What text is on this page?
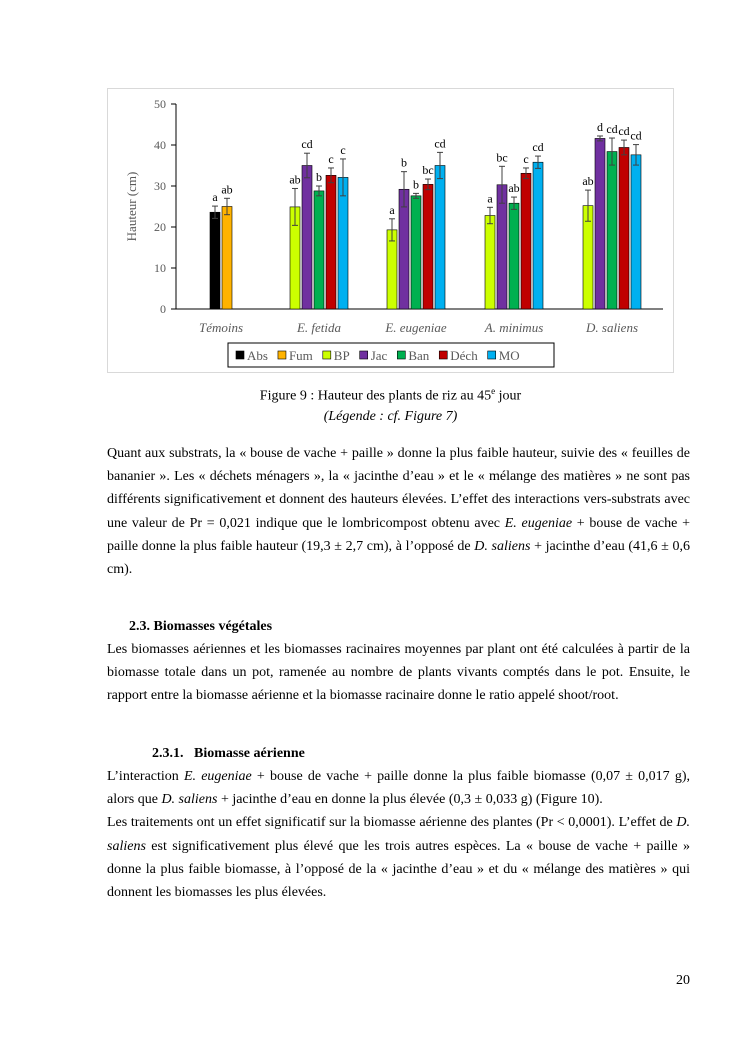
0
10
20
30
40
50
Hauteur (cm)
Témoins
a
ab
E. fetida
ab
cd
b
c
c
E. eugeniae
a
b
b
bc
cd
A. minimus
a
bc
ab
c
cd
D. saliens
ab
d cd cd cd
Abs Fum BP Jac Ban Déch MO
Figure 9 : Hauteur des plants de riz au 45e jour
(Légende : cf. Figure 7)

Quant aux substrats, la « bouse de vache + paille » donne la plus faible hauteur, suivie des « feuilles de bananier ». Les « déchets ménagers », la « jacinthe d’eau » et le « mélange des matières » ne sont pas différents significativement et donnent des hauteurs élevées. L’effet des interactions vers-substrats avec une valeur de Pr = 0,021 indique que le lombricompost obtenu avec E. eugeniae + bouse de vache + paille donne la plus faible hauteur (19,3 ± 2,7 cm), à l’opposé de D. saliens + jacinthe d’eau (41,6 ± 0,6 cm).

2.3. Biomasses végétales

Les biomasses aériennes et les biomasses racinaires moyennes par plant ont été calculées à partir de la biomasse totale dans un pot, ramenée au nombre de plants vivants comptés dans le pot. Ensuite, le rapport entre la biomasse aérienne et la biomasse racinaire donne le ratio appelé shoot/root.

2.3.1.   Biomasse aérienne

L’interaction E. eugeniae + bouse de vache + paille donne la plus faible biomasse (0,07 ± 0,017 g), alors que D. saliens + jacinthe d’eau en donne la plus élevée (0,3 ± 0,033 g) (Figure 10).
Les traitements ont un effet significatif sur la biomasse aérienne des plantes (Pr < 0,0001). L’effet de D. saliens est significativement plus élevé que les trois autres espèces. La « bouse de vache + paille » donne la plus faible biomasse, à l’opposé de la « jacinthe d’eau » et du « mélange des matières » qui donnent les biomasses les plus élevées.

20
